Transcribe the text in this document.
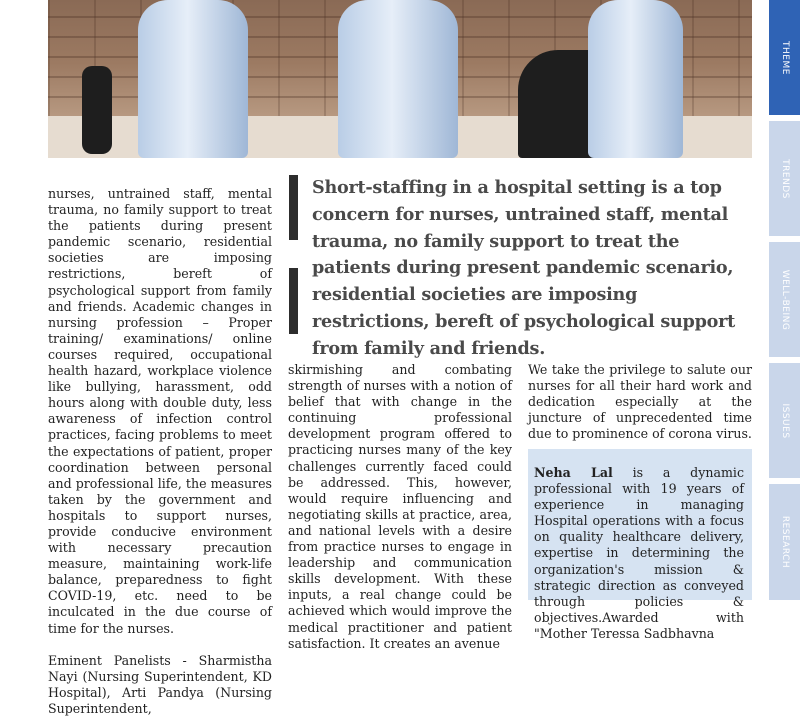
nurses, untrained staff, mental trauma, no family support to treat the patients during present pandemic scenario, residential societies are imposing restrictions, bereft of psychological support from family and friends. Academic changes in nursing profession – Proper training/ examinations/ online courses required, occupational health hazard, workplace violence like bullying, harassment, odd hours along with double duty, less awareness of infection control practices, facing problems to meet the expectations of patient, proper coordination between personal and professional life, the measures taken by the government and hospitals to support nurses, provide conducive environment with necessary precaution measure, maintaining work-life balance, preparedness to fight COVID-19, etc. need to be inculcated in the due course of time for the nurses.

Eminent Panelists - Sharmistha Nayi (Nursing Superintendent, KD Hospital), Arti Pandya (Nursing Superintendent,

Short-staffing in a hospital setting is a top concern for nurses, untrained staff, mental trauma, no family support to treat the patients during present pandemic scenario, residential societies are imposing restrictions, bereft of psychological support from family and friends.

skirmishing and combating strength of nurses with a notion of belief that with change in the continuing professional development program offered to practicing nurses many of the key challenges currently faced could be addressed. This, however, would require influencing and negotiating skills at practice, area, and national levels with a desire from practice nurses to engage in leadership and communication skills development. With these inputs, a real change could be achieved which would improve the medical practitioner and patient satisfaction. It creates an avenue

We take the privilege to salute our nurses for all their hard work and dedication especially at the juncture of unprecedented time due to prominence of corona virus.

Neha Lal is a dynamic professional with 19 years of experience in managing Hospital operations with a focus on quality healthcare delivery, expertise in determining the organization's mission & strategic direction as conveyed through policies & objectives.Awarded with "Mother Teressa Sadbhavna
THEME
TRENDS
WELL-BEING
ISSUES
RESEARCH
